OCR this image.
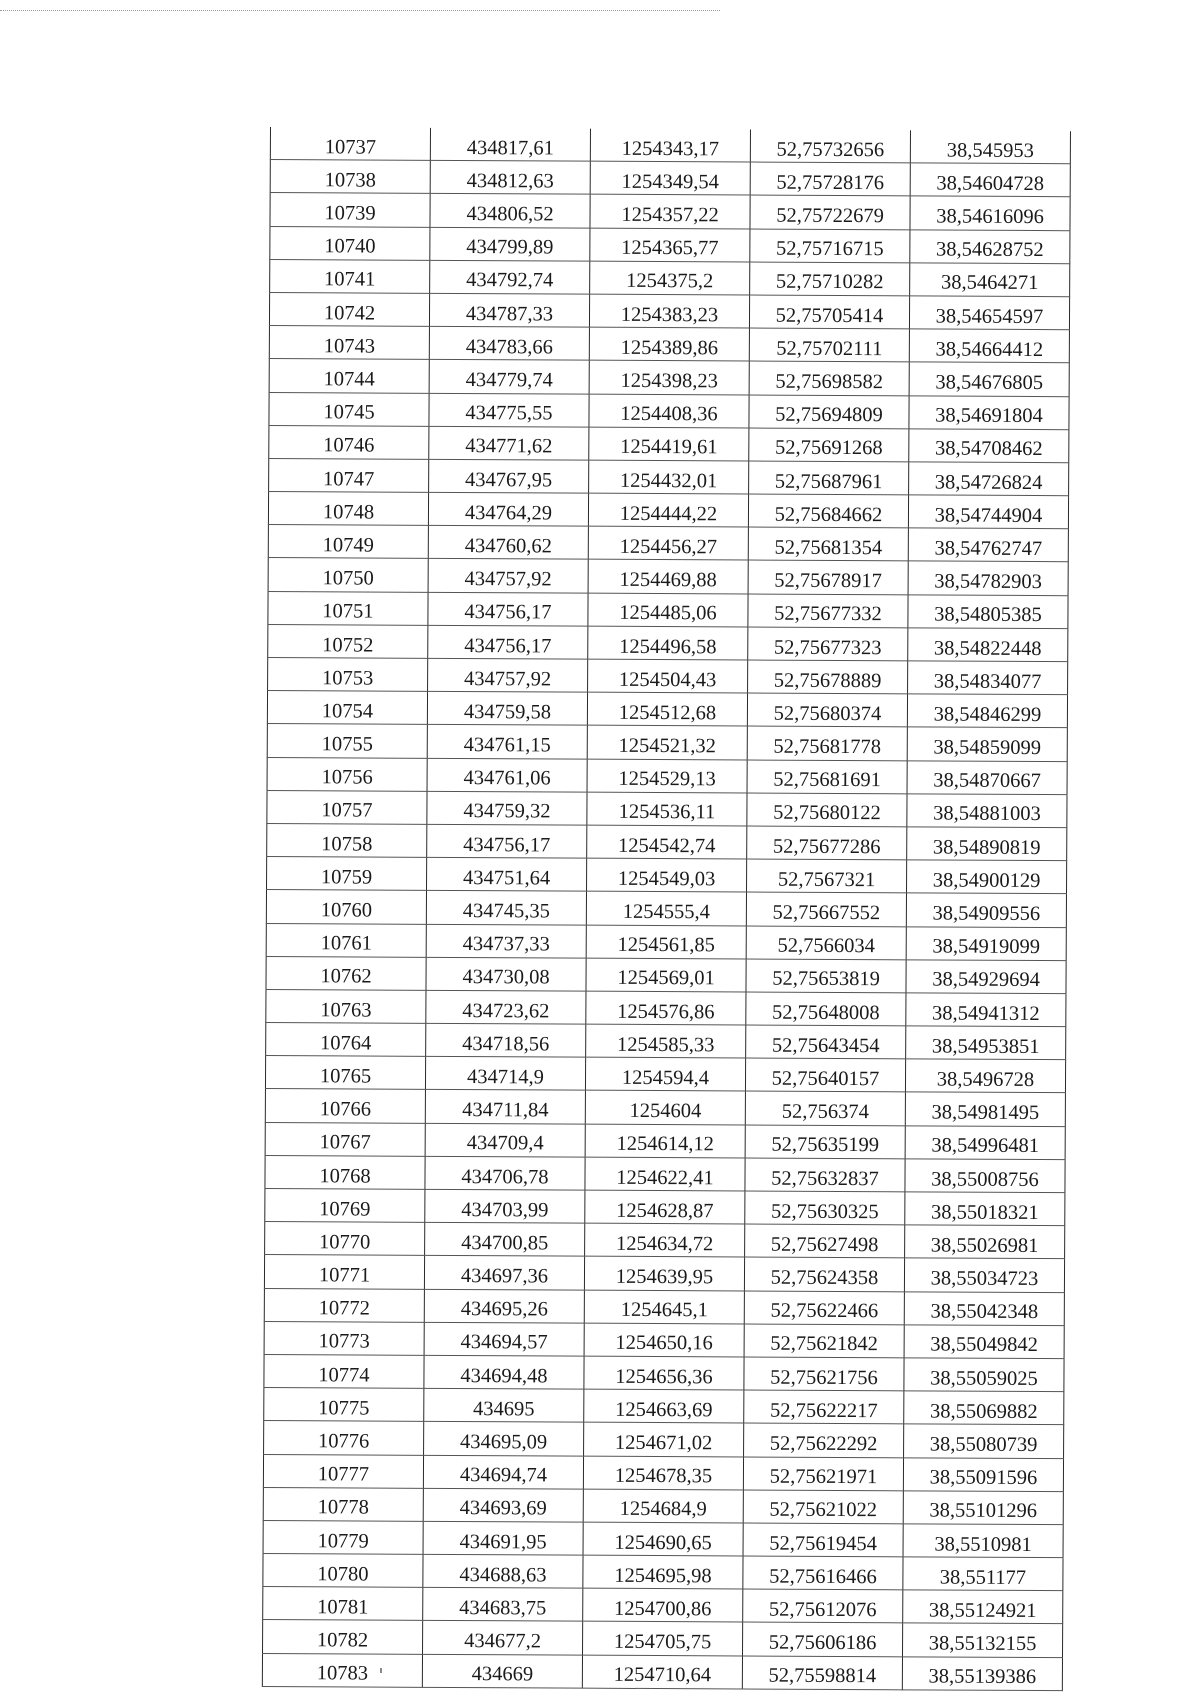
10737	434817,61	1254343,17	52,75732656	38,545953
10738	434812,63	1254349,54	52,75728176	38,54604728
10739	434806,52	1254357,22	52,75722679	38,54616096
10740	434799,89	1254365,77	52,75716715	38,54628752
10741	434792,74	1254375,2	52,75710282	38,5464271
10742	434787,33	1254383,23	52,75705414	38,54654597
10743	434783,66	1254389,86	52,75702111	38,54664412
10744	434779,74	1254398,23	52,75698582	38,54676805
10745	434775,55	1254408,36	52,75694809	38,54691804
10746	434771,62	1254419,61	52,75691268	38,54708462
10747	434767,95	1254432,01	52,75687961	38,54726824
10748	434764,29	1254444,22	52,75684662	38,54744904
10749	434760,62	1254456,27	52,75681354	38,54762747
10750	434757,92	1254469,88	52,75678917	38,54782903
10751	434756,17	1254485,06	52,75677332	38,54805385
10752	434756,17	1254496,58	52,75677323	38,54822448
10753	434757,92	1254504,43	52,75678889	38,54834077
10754	434759,58	1254512,68	52,75680374	38,54846299
10755	434761,15	1254521,32	52,75681778	38,54859099
10756	434761,06	1254529,13	52,75681691	38,54870667
10757	434759,32	1254536,11	52,75680122	38,54881003
10758	434756,17	1254542,74	52,75677286	38,54890819
10759	434751,64	1254549,03	52,7567321	38,54900129
10760	434745,35	1254555,4	52,75667552	38,54909556
10761	434737,33	1254561,85	52,7566034	38,54919099
10762	434730,08	1254569,01	52,75653819	38,54929694
10763	434723,62	1254576,86	52,75648008	38,54941312
10764	434718,56	1254585,33	52,75643454	38,54953851
10765	434714,9	1254594,4	52,75640157	38,5496728
10766	434711,84	1254604	52,756374	38,54981495
10767	434709,4	1254614,12	52,75635199	38,54996481
10768	434706,78	1254622,41	52,75632837	38,55008756
10769	434703,99	1254628,87	52,75630325	38,55018321
10770	434700,85	1254634,72	52,75627498	38,55026981
10771	434697,36	1254639,95	52,75624358	38,55034723
10772	434695,26	1254645,1	52,75622466	38,55042348
10773	434694,57	1254650,16	52,75621842	38,55049842
10774	434694,48	1254656,36	52,75621756	38,55059025
10775	434695	1254663,69	52,75622217	38,55069882
10776	434695,09	1254671,02	52,75622292	38,55080739
10777	434694,74	1254678,35	52,75621971	38,55091596
10778	434693,69	1254684,9	52,75621022	38,55101296
10779	434691,95	1254690,65	52,75619454	38,5510981
10780	434688,63	1254695,98	52,75616466	38,551177
10781	434683,75	1254700,86	52,75612076	38,55124921
10782	434677,2	1254705,75	52,75606186	38,55132155
10783	434669	1254710,64	52,75598814	38,55139386
